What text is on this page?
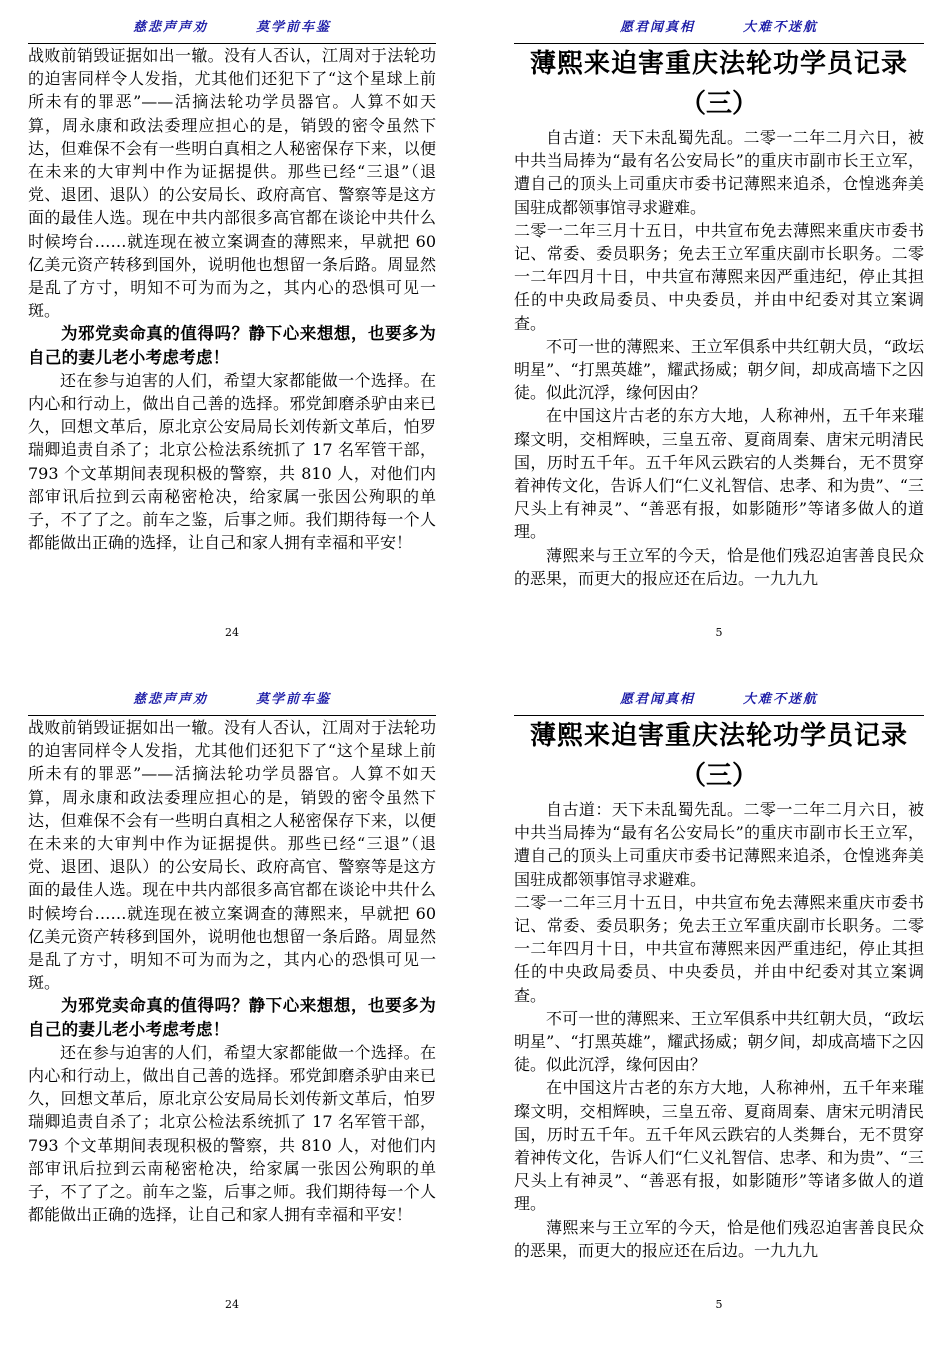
慈悲声声劝	莫学前车鉴

战败前销毁证据如出一辙。没有人否认，江周对于法轮功的迫害同样令人发指，尤其他们还犯下了“这个星球上前所未有的罪恶”——活摘法轮功学员器官。人算不如天算，周永康和政法委理应担心的是，销毁的密令虽然下达，但难保不会有一些明白真相之人秘密保存下来，以便在未来的大审判中作为证据提供。那些已经“三退”（退党、退团、退队）的公安局长、政府高官、警察等是这方面的最佳人选。现在中共内部很多高官都在谈论中共什么时候垮台……就连现在被立案调查的薄熙来，早就把 60 亿美元资产转移到国外，说明他也想留一条后路。周显然是乱了方寸，明知不可为而为之，其内心的恐惧可见一斑。

为邪党卖命真的值得吗？静下心来想想，也要多为自己的妻儿老小考虑考虑！

还在参与迫害的人们，希望大家都能做一个选择。在内心和行动上，做出自己善的选择。邪党卸磨杀驴由来已久，回想文革后，原北京公安局局长刘传新文革后，怕罗瑞卿追责自杀了；北京公检法系统抓了 17 名军管干部，793 个文革期间表现积极的警察，共 810 人，对他们内部审讯后拉到云南秘密枪决，给家属一张因公殉职的单子，不了了之。前车之鉴，后事之师。我们期待每一个人都能做出正确的选择，让自己和家人拥有幸福和平安！

24
愿君闻真相	大难不迷航
薄熙来迫害重庆法轮功学员记录
（三）

自古道：天下未乱蜀先乱。二零一二年二月六日，被中共当局捧为“最有名公安局长”的重庆市副市长王立军，遭自己的顶头上司重庆市委书记薄熙来追杀，仓惶逃奔美国驻成都领事馆寻求避难。

二零一二年三月十五日，中共宣布免去薄熙来重庆市委书记、常委、委员职务；免去王立军重庆副市长职务。二零一二年四月十日，中共宣布薄熙来因严重违纪，停止其担任的中央政局委员、中央委员，并由中纪委对其立案调查。

不可一世的薄熙来、王立军俱系中共红朝大员，“政坛明星”、“打黑英雄”，耀武扬威；朝夕间，却成高墙下之囚徒。似此沉浮，缘何因由？

在中国这片古老的东方大地，人称神州，五千年来璀璨文明，交相辉映，三皇五帝、夏商周秦、唐宋元明清民国，历时五千年。五千年风云跌宕的人类舞台，无不贯穿着神传文化，告诉人们“仁义礼智信、忠孝、和为贵”、“三尺头上有神灵”、“善恶有报，如影随形”等诸多做人的道理。

薄熙来与王立军的今天，恰是他们残忍迫害善良民众的恶果，而更大的报应还在后边。一九九九

5
慈悲声声劝	莫学前车鉴

战败前销毁证据如出一辙。没有人否认，江周对于法轮功的迫害同样令人发指，尤其他们还犯下了“这个星球上前所未有的罪恶”——活摘法轮功学员器官。人算不如天算，周永康和政法委理应担心的是，销毁的密令虽然下达，但难保不会有一些明白真相之人秘密保存下来，以便在未来的大审判中作为证据提供。那些已经“三退”（退党、退团、退队）的公安局长、政府高官、警察等是这方面的最佳人选。现在中共内部很多高官都在谈论中共什么时候垮台……就连现在被立案调查的薄熙来，早就把 60 亿美元资产转移到国外，说明他也想留一条后路。周显然是乱了方寸，明知不可为而为之，其内心的恐惧可见一斑。

为邪党卖命真的值得吗？静下心来想想，也要多为自己的妻儿老小考虑考虑！

还在参与迫害的人们，希望大家都能做一个选择。在内心和行动上，做出自己善的选择。邪党卸磨杀驴由来已久，回想文革后，原北京公安局局长刘传新文革后，怕罗瑞卿追责自杀了；北京公检法系统抓了 17 名军管干部，793 个文革期间表现积极的警察，共 810 人，对他们内部审讯后拉到云南秘密枪决，给家属一张因公殉职的单子，不了了之。前车之鉴，后事之师。我们期待每一个人都能做出正确的选择，让自己和家人拥有幸福和平安！

24
愿君闻真相	大难不迷航
薄熙来迫害重庆法轮功学员记录
（三）

自古道：天下未乱蜀先乱。二零一二年二月六日，被中共当局捧为“最有名公安局长”的重庆市副市长王立军，遭自己的顶头上司重庆市委书记薄熙来追杀，仓惶逃奔美国驻成都领事馆寻求避难。

二零一二年三月十五日，中共宣布免去薄熙来重庆市委书记、常委、委员职务；免去王立军重庆副市长职务。二零一二年四月十日，中共宣布薄熙来因严重违纪，停止其担任的中央政局委员、中央委员，并由中纪委对其立案调查。

不可一世的薄熙来、王立军俱系中共红朝大员，“政坛明星”、“打黑英雄”，耀武扬威；朝夕间，却成高墙下之囚徒。似此沉浮，缘何因由？

在中国这片古老的东方大地，人称神州，五千年来璀璨文明，交相辉映，三皇五帝、夏商周秦、唐宋元明清民国，历时五千年。五千年风云跌宕的人类舞台，无不贯穿着神传文化，告诉人们“仁义礼智信、忠孝、和为贵”、“三尺头上有神灵”、“善恶有报，如影随形”等诸多做人的道理。

薄熙来与王立军的今天，恰是他们残忍迫害善良民众的恶果，而更大的报应还在后边。一九九九

5
